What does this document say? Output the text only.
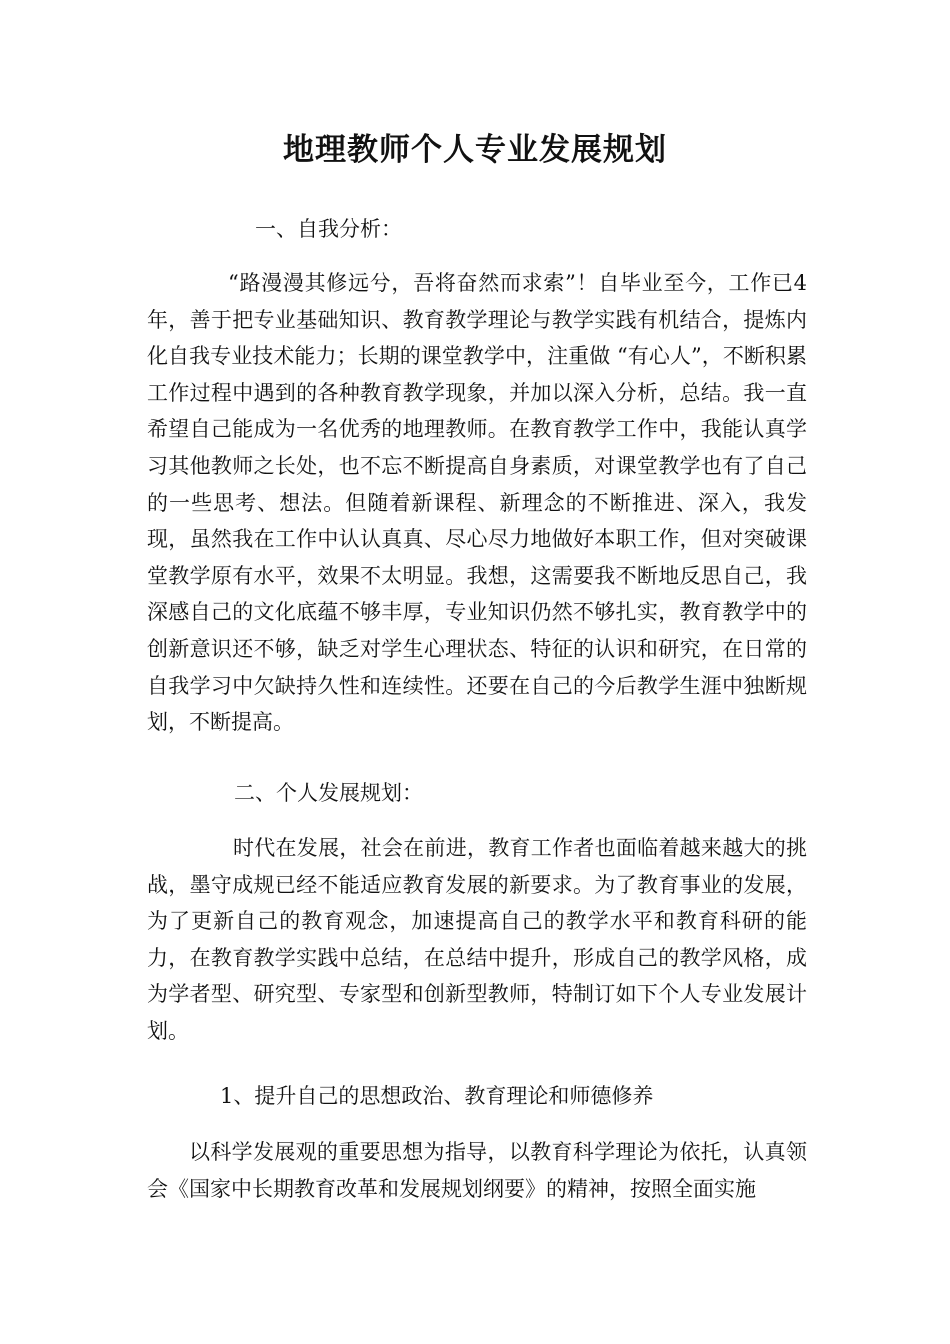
地理教师个人专业发展规划
一、自我分析：
“路漫漫其修远兮，吾将奋然而求索”！自毕业至今，工作已4年，善于把专业基础知识、教育教学理论与教学实践有机结合，提炼内化自我专业技术能力；长期的课堂教学中，注重做 “有心人”，不断积累工作过程中遇到的各种教育教学现象，并加以深入分析，总结。我一直希望自己能成为一名优秀的地理教师。在教育教学工作中，我能认真学习其他教师之长处，也不忘不断提高自身素质，对课堂教学也有了自己的一些思考、想法。但随着新课程、新理念的不断推进、深入，我发现，虽然我在工作中认认真真、尽心尽力地做好本职工作，但对突破课堂教学原有水平，效果不太明显。我想，这需要我不断地反思自己，我深感自己的文化底蕴不够丰厚，专业知识仍然不够扎实，教育教学中的创新意识还不够，缺乏对学生心理状态、特征的认识和研究，在日常的自我学习中欠缺持久性和连续性。还要在自己的今后教学生涯中独断规划，不断提高。
二、个人发展规划：
时代在发展，社会在前进，教育工作者也面临着越来越大的挑战，墨守成规已经不能适应教育发展的新要求。为了教育事业的发展，为了更新自己的教育观念，加速提高自己的教学水平和教育科研的能力，在教育教学实践中总结，在总结中提升，形成自己的教学风格，成为学者型、研究型、专家型和创新型教师，特制订如下个人专业发展计划。
1、提升自己的思想政治、教育理论和师德修养
以科学发展观的重要思想为指导，以教育科学理论为依托，认真领会《国家中长期教育改革和发展规划纲要》的精神，按照全面实施
